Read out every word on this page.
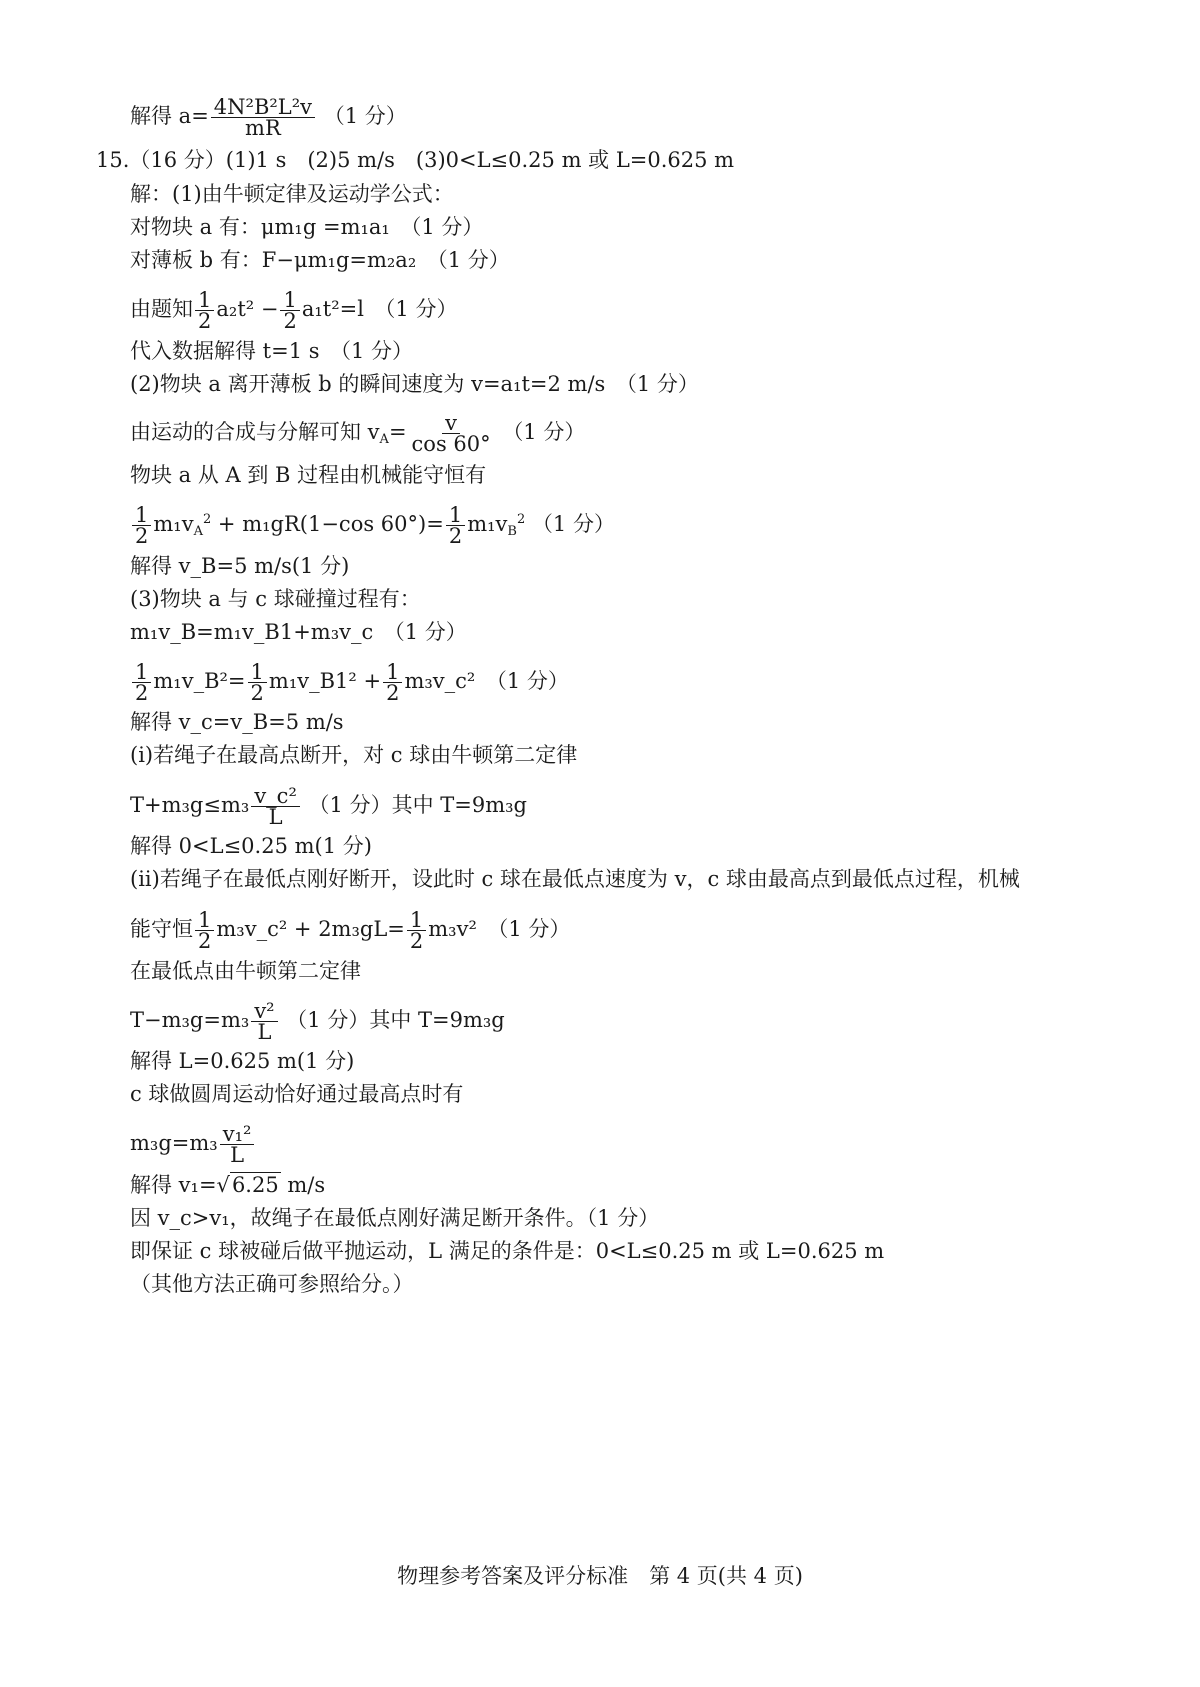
解得 $a= \frac{\text{4N²B²L²v}}{mR} (1$ 分）
15.（16 分）(1)1 s　(2)5 m/s　(3)0<L≤0.25 m 或 L=0.625 m
解：(1)由牛顿定律及运动学公式：
对物块 a 有：μm₁g =m₁a₁　（1 分）
对薄板 b 有：F−μm₁g=m₂a₂　（1 分）
由题知 $\frac{1}{2} a_2t^2 - \frac{1}{2} a_1t^2=l$　（1 分）
代入数据解得 t=1 s　（1 分）
(2)物块 a 离开薄板 b 的瞬间速度为 v=a₁t=2 m/s　（1 分）
由运动的合成与分解可知 $v_A= \frac{v}{\cos 60^\circ} (1$ 分）
物块 a 从 A 到 B 过程由机械能守恒有
$\frac{1}{2} m_1v_A^2 + m_1gR(1-\cos$ $60^\circ)= \frac{1}{2} m_1v_B^2$ （1 分）
解得 v_B=5 m/s(1 分)
(3)物块 a 与 c 球碰撞过程有：
m₁v_B=m₁v_B1+m₃v_c　（1 分）
$\frac{1}{2}$ m₁v_B²= $\frac{1}{2}$ m₁v_B1² + $\frac{1}{2}$ m₃v_c²　（1 分）
解得 v_c=v_B=5 m/s
(i)若绳子在最高点断开，对 c 球由牛顿第二定律
$T+m_3g\le m_3 \frac{\text{v\_c²}}{L} (1$ 分）其中 T=9m₃g
解得 0<L≤0.25 m(1 分)
(ii)若绳子在最低点刚好断开，设此时 c 球在最低点速度为 v，c 球由最高点到最低点过程，机械
能守恒 $\frac{1}{2}$ m₃v_c² + $2m_3gL= \frac{1}{2} m_3v^2$　（1 分）
在最低点由牛顿第二定律
$T-m_3g=m_3 \frac{\text{v²}}{L} (1$ 分）其中 T=9m₃g
解得 L=0.625 m(1 分)
c 球做圆周运动恰好通过最高点时有
$m_3g=m_3 \frac{\text{v₁²}}{L}$
解得 v₁=√6.25 m/s
因 v_c>v₁，故绳子在最低点刚好满足断开条件。（1 分）
即保证 c 球被碰后做平抛运动，L 满足的条件是：0<L≤0.25 m 或 L=0.625 m
（其他方法正确可参照给分。）
物理参考答案及评分标准　第 4 页(共 4 页)
